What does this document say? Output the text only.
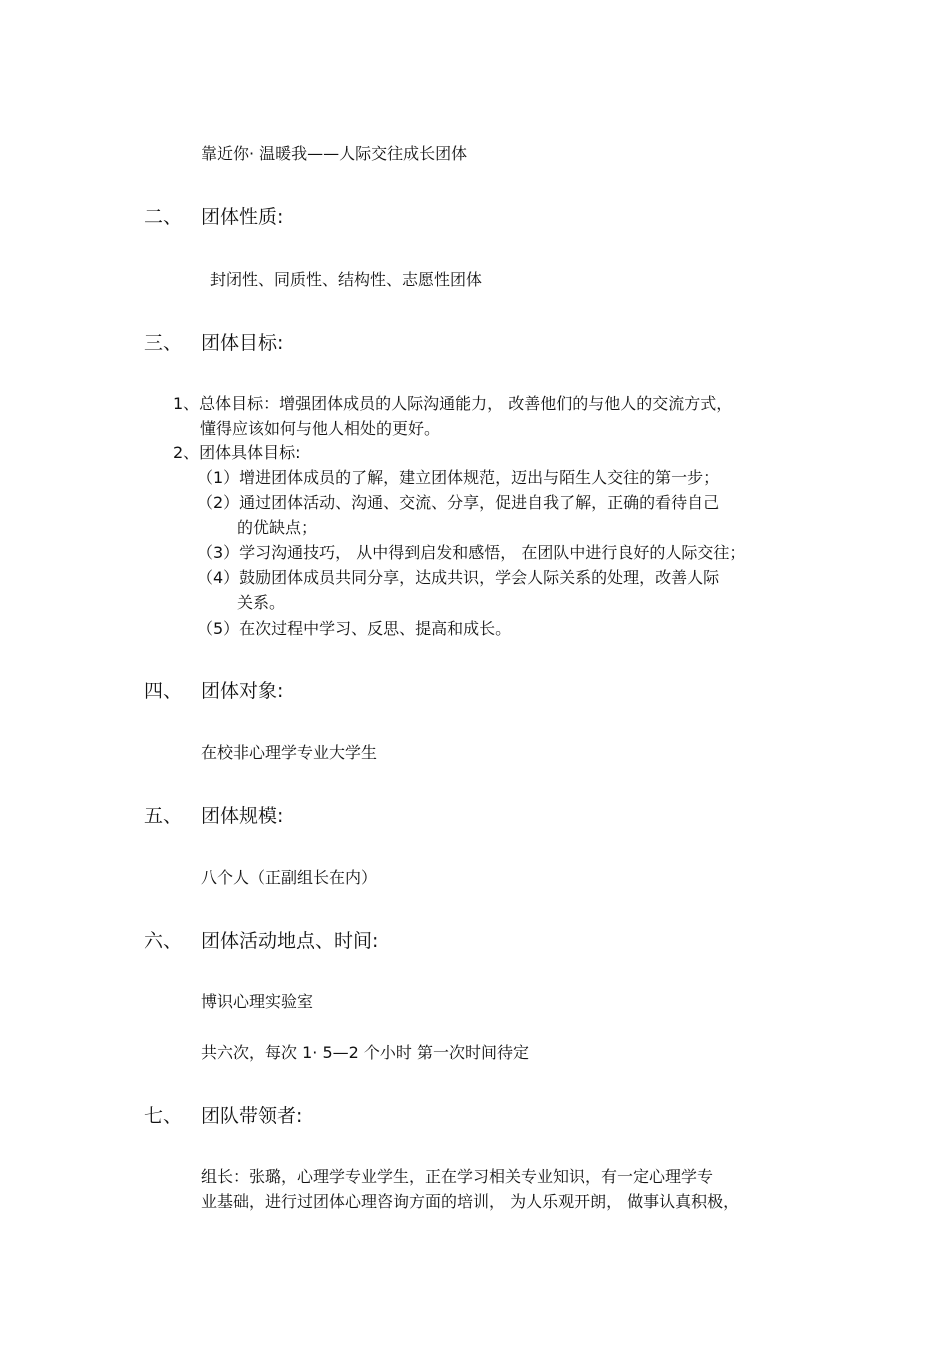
靠近你· 温暖我——人际交往成长团体
二、 团体性质:
封闭性、同质性、结构性、志愿性团体
三、 团体目标:
1、总体目标：增强团体成员的人际沟通能力， 改善他们的与他人的交流方式，
懂得应该如何与他人相处的更好。
2、团体具体目标:
（1）增进团体成员的了解，建立团体规范，迈出与陌生人交往的第一步；
（2）通过团体活动、沟通、交流、分享，促进自我了解，正确的看待自己
的优缺点；
（3）学习沟通技巧， 从中得到启发和感悟， 在团队中进行良好的人际交往；
（4）鼓励团体成员共同分享，达成共识，学会人际关系的处理，改善人际
关系。
（5）在次过程中学习、反思、提高和成长。
四、 团体对象:
在校非心理学专业大学生
五、 团体规模:
八个人（正副组长在内）
六、 团体活动地点、时间:
博识心理实验室
共六次，每次 1· 5—2 个小时 第一次时间待定
七、 团队带领者:
组长：张璐，心理学专业学生，正在学习相关专业知识，有一定心理学专
业基础，进行过团体心理咨询方面的培训， 为人乐观开朗， 做事认真积极，
